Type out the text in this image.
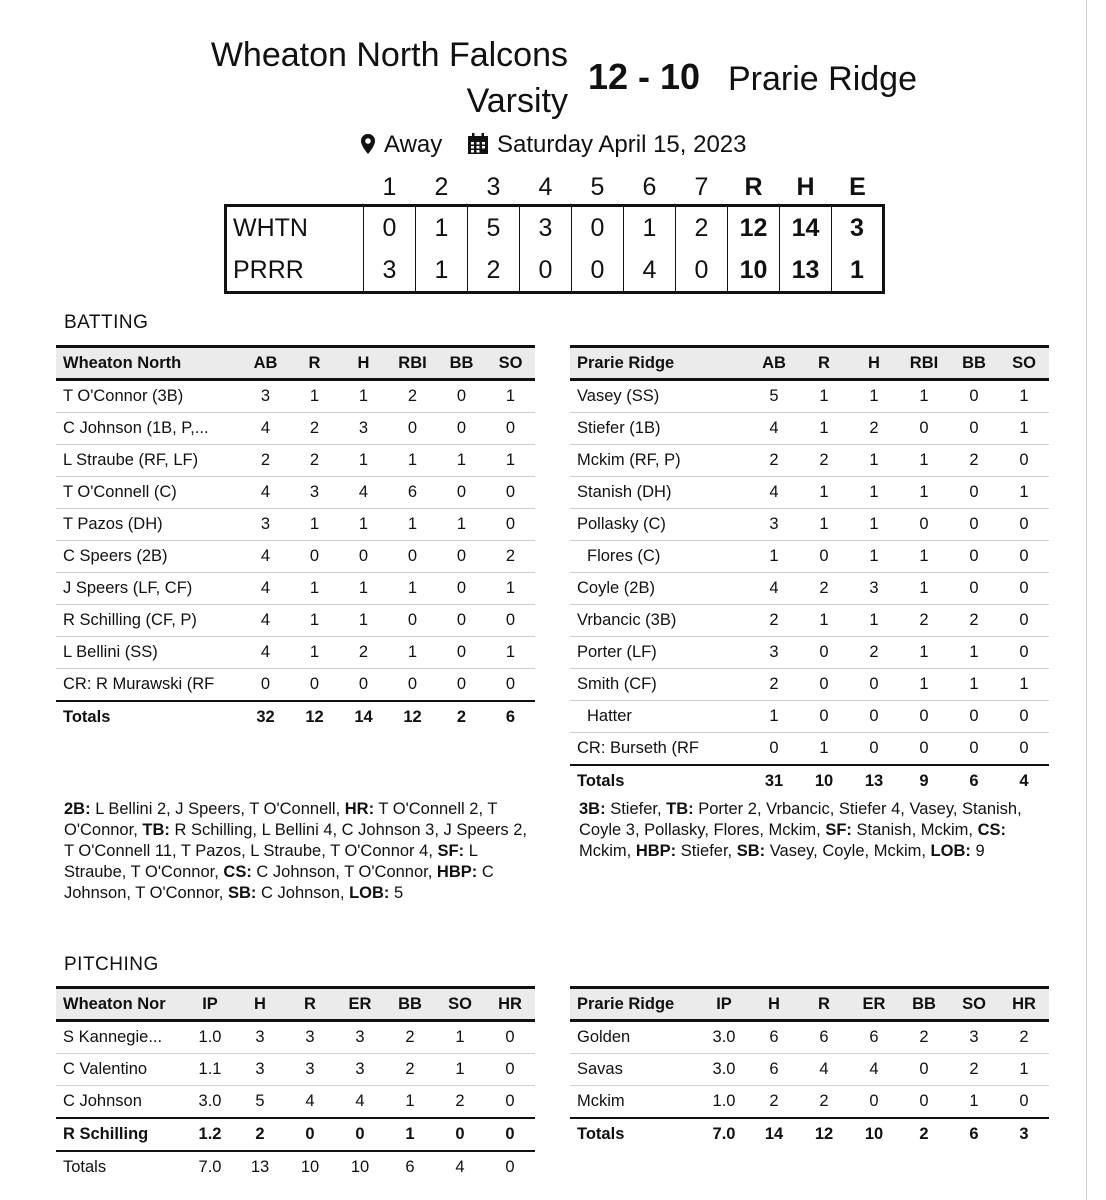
Wheaton North Falcons
Varsity
12 - 10 Prarie Ridge
Away	Saturday April 15, 2023
	1	2	3	4	5	6	7	R	H	E
WHTN	0	1	5	3	0	1	2	12	14	3
PRRR	3	1	2	0	0	4	0	10	13	1
BATTING
Wheaton North	AB	R	H	RBI	BB	SO
T O'Connor (3B)	3	1	1	2	0	1
C Johnson (1B, P,...	4	2	3	0	0	0
L Straube (RF, LF)	2	2	1	1	1	1
T O'Connell (C)	4	3	4	6	0	0
T Pazos (DH)	3	1	1	1	1	0
C Speers (2B)	4	0	0	0	0	2
J Speers (LF, CF)	4	1	1	1	0	1
R Schilling (CF, P)	4	1	1	0	0	0
L Bellini (SS)	4	1	2	1	0	1
CR: R Murawski (RF	0	0	0	0	0	0
Totals	32	12	14	12	2	6
Prarie Ridge	AB	R	H	RBI	BB	SO
Vasey (SS)	5	1	1	1	0	1
Stiefer (1B)	4	1	2	0	0	1
Mckim (RF, P)	2	2	1	1	2	0
Stanish (DH)	4	1	1	1	0	1
Pollasky (C)	3	1	1	0	0	0
Flores (C)	1	0	1	1	0	0
Coyle (2B)	4	2	3	1	0	0
Vrbancic (3B)	2	1	1	2	2	0
Porter (LF)	3	0	2	1	1	0
Smith (CF)	2	0	0	1	1	1
Hatter	1	0	0	0	0	0
CR: Burseth (RF	0	1	0	0	0	0
Totals	31	10	13	9	6	4
2B: L Bellini 2, J Speers, T O'Connell, HR: T O'Connell 2, T O'Connor, TB: R Schilling, L Bellini 4, C Johnson 3, J Speers 2, T O'Connell 11, T Pazos, L Straube, T O'Connor 4, SF: L Straube, T O'Connor, CS: C Johnson, T O'Connor, HBP: C Johnson, T O'Connor, SB: C Johnson, LOB: 5
3B: Stiefer, TB: Porter 2, Vrbancic, Stiefer 4, Vasey, Stanish, Coyle 3, Pollasky, Flores, Mckim, SF: Stanish, Mckim, CS: Mckim, HBP: Stiefer, SB: Vasey, Coyle, Mckim, LOB: 9
PITCHING
Wheaton Nor	IP	H	R	ER	BB	SO	HR
S Kannegie...	1.0	3	3	3	2	1	0
C Valentino	1.1	3	3	3	2	1	0
C Johnson	3.0	5	4	4	1	2	0
R Schilling	1.2	2	0	0	1	0	0
Totals	7.0	13	10	10	6	4	0
Prarie Ridge	IP	H	R	ER	BB	SO	HR
Golden	3.0	6	6	6	2	3	2
Savas	3.0	6	4	4	0	2	1
Mckim	1.0	2	2	0	0	1	0
Totals	7.0	14	12	10	2	6	3
